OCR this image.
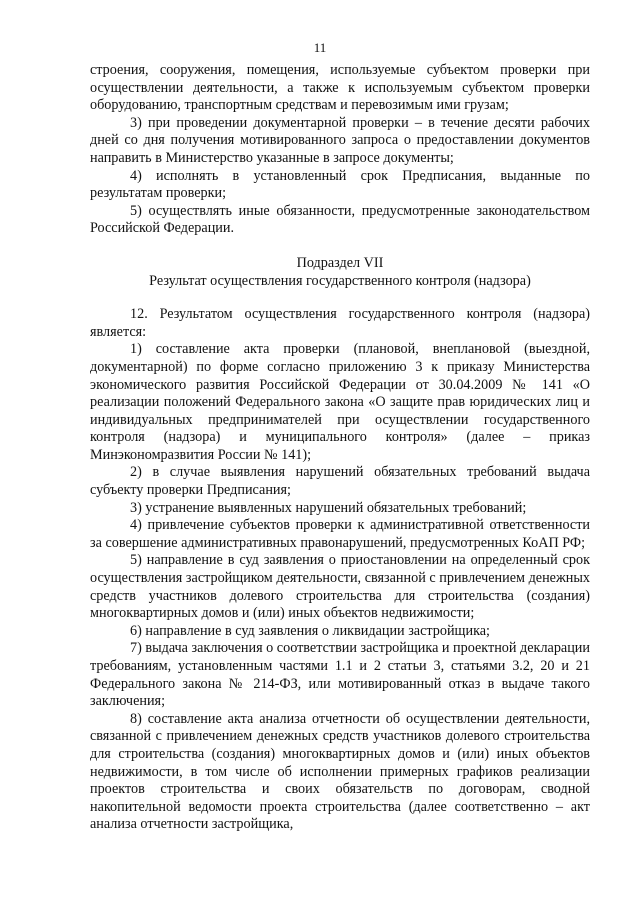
11

строения, сооружения, помещения, используемые субъектом проверки при осуществлении деятельности, а также к используемым субъектом проверки оборудованию, транспортным средствам и перевозимым ими грузам;

3) при проведении документарной проверки – в течение десяти рабочих дней со дня получения мотивированного запроса о предоставлении документов направить в Министерство указанные в запросе документы;

4) исполнять в установленный срок Предписания, выданные по результатам проверки;

5) осуществлять иные обязанности, предусмотренные законодательством Российской Федерации.

Подраздел VII

Результат осуществления государственного контроля (надзора)

12. Результатом осуществления государственного контроля (надзора) является:

1) составление акта проверки (плановой, внеплановой (выездной, документарной) по форме согласно приложению 3 к приказу Министерства экономического развития Российской Федерации от 30.04.2009 № 141 «О реализации положений Федерального закона «О защите прав юридических лиц и индивидуальных предпринимателей при осуществлении государственного контроля (надзора) и муниципального контроля» (далее – приказ Минэкономразвития России № 141);

2) в случае выявления нарушений обязательных требований выдача субъекту проверки Предписания;

3) устранение выявленных нарушений обязательных требований;

4) привлечение субъектов проверки к административной ответственности за совершение административных правонарушений, предусмотренных КоАП РФ;

5) направление в суд заявления о приостановлении на определенный срок осуществления застройщиком деятельности, связанной с привлечением денежных средств участников долевого строительства для строительства (создания) многоквартирных домов и (или) иных объектов недвижимости;

6) направление в суд заявления о ликвидации застройщика;

7) выдача заключения о соответствии застройщика и проектной декларации требованиям, установленным частями 1.1 и 2 статьи 3, статьями 3.2, 20 и 21 Федерального закона № 214-ФЗ, или мотивированный отказ в выдаче такого заключения;

8) составление акта анализа отчетности об осуществлении деятельности, связанной с привлечением денежных средств участников долевого строительства для строительства (создания) многоквартирных домов и (или) иных объектов недвижимости, в том числе об исполнении примерных графиков реализации проектов строительства и своих обязательств по договорам, сводной накопительной ведомости проекта строительства (далее соответственно – акт анализа отчетности застройщика,
